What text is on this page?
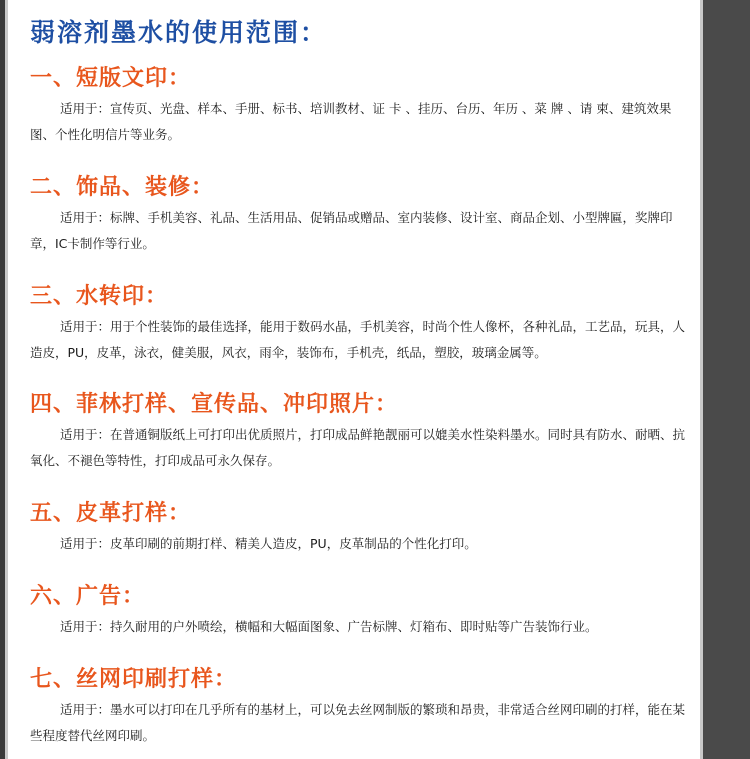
弱溶剂墨水的使用范围：
一、短版文印：

适用于：宣传页、光盘、样本、手册、标书、培训教材、证 卡 、挂历、台历、年历 、菜 牌 、请 柬、建筑效果图、个性化明信片等业务。

二、饰品、装修：

适用于：标牌、手机美容、礼品、生活用品、促销品或赠品、室内装修、设计室、商品企划、小型牌匾，奖牌印章，IC卡制作等行业。

三、水转印：

适用于：用于个性装饰的最佳选择，能用于数码水晶，手机美容，时尚个性人像杯，各种礼品，工艺品，玩具，人造皮，PU，皮革，泳衣，健美服，风衣，雨伞，装饰布，手机壳，纸品，塑胶，玻璃金属等。

四、菲林打样、宣传品、冲印照片：

适用于：在普通铜版纸上可打印出优质照片，打印成品鲜艳靓丽可以媲美水性染料墨水。同时具有防水、耐晒、抗氧化、不褪色等特性，打印成品可永久保存。

五、皮革打样：

适用于：皮革印刷的前期打样、精美人造皮，PU，皮革制品的个性化打印。

六、广告：

适用于：持久耐用的户外喷绘，横幅和大幅面图象、广告标牌、灯箱布、即时贴等广告装饰行业。

七、丝网印刷打样：

适用于：墨水可以打印在几乎所有的基材上，可以免去丝网制版的繁琐和昂贵，非常适合丝网印刷的打样，能在某些程度替代丝网印刷。
